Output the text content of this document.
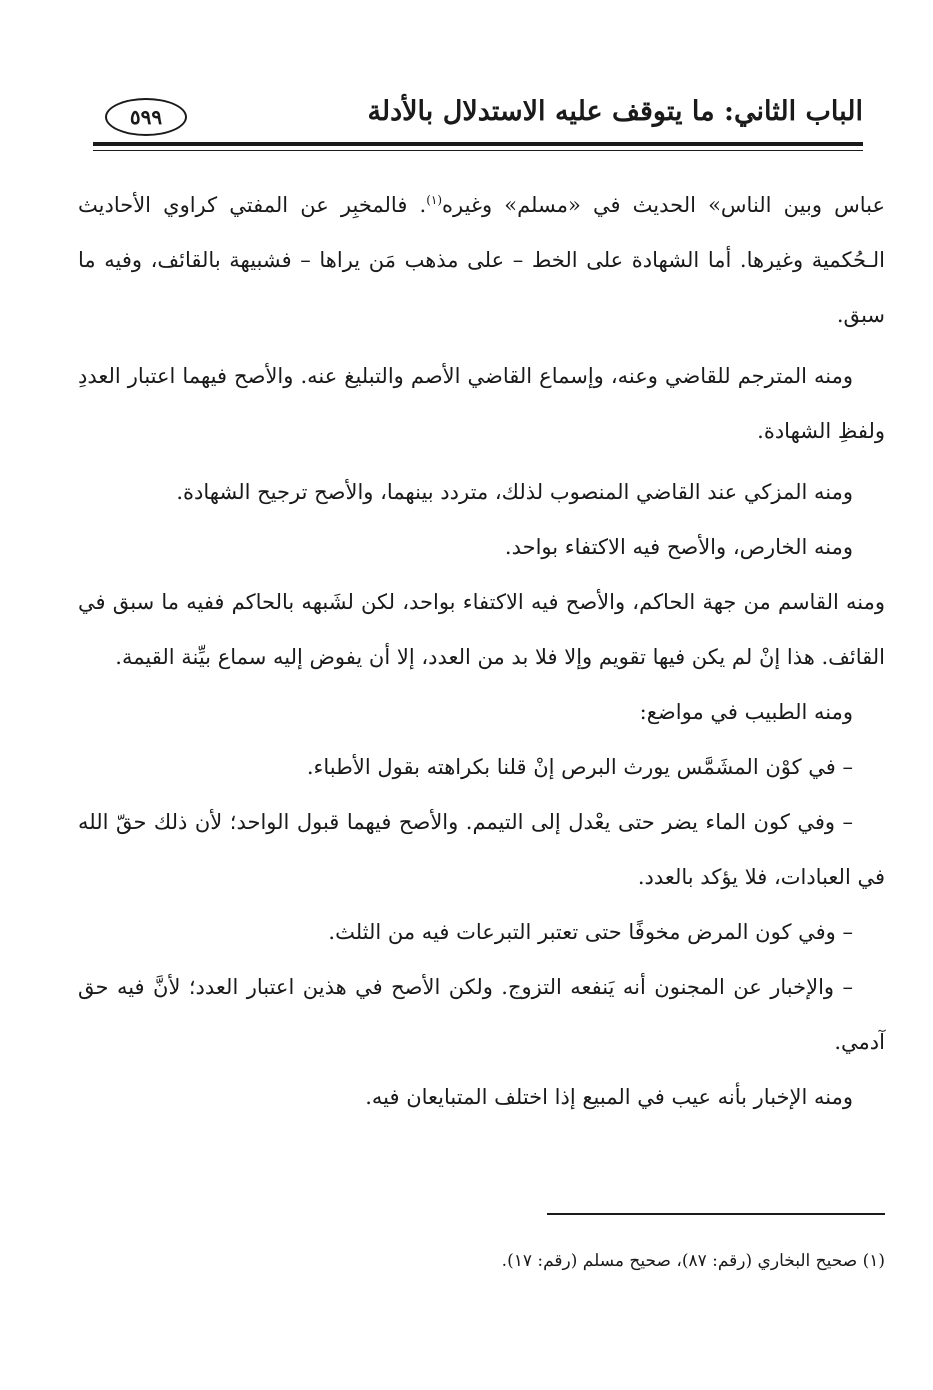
الباب الثاني: ما يتوقف عليه الاستدلال بالأدلة
٥٩٩

عباس وبين الناس» الحديث في «مسلم» وغيره$^{(١)}$. فالمخبِر عن المفتي كراوي الأحاديث الـحُكمية وغيرها. أما الشهادة على الخط – على مذهب مَن يراها – فشبيهة بالقائف، وفيه ما سبق.

ومنه المترجم للقاضي وعنه، وإسماع القاضي الأصم والتبليغ عنه. والأصح فيهما اعتبار العددِ ولفظِ الشهادة.

ومنه المزكي عند القاضي المنصوب لذلك، متردد بينهما، والأصح ترجيح الشهادة.

ومنه الخارص، والأصح فيه الاكتفاء بواحد.

ومنه القاسم من جهة الحاكم، والأصح فيه الاكتفاء بواحد، لكن لشَبهه بالحاكم ففيه ما سبق في القائف. هذا إنْ لم يكن فيها تقويم وإلا فلا بد من العدد، إلا أن يفوض إليه سماع بيِّنة القيمة.

ومنه الطبيب في مواضع:

– في كوْن المشَمَّس يورث البرص إنْ قلنا بكراهته بقول الأطباء.

– وفي كون الماء يضر حتى يعْدل إلى التيمم. والأصح فيهما قبول الواحد؛ لأن ذلك حقّ الله في العبادات، فلا يؤكد بالعدد.

– وفي كون المرض مخوفًا حتى تعتبر التبرعات فيه من الثلث.

– والإخبار عن المجنون أنه يَنفعه التزوج. ولكن الأصح في هذين اعتبار العدد؛ لأنَّ فيه حق آدمي.

ومنه الإخبار بأنه عيب في المبيع إذا اختلف المتبايعان فيه.

(١) صحيح البخاري (رقم: ٨٧)، صحيح مسلم (رقم: ١٧).
